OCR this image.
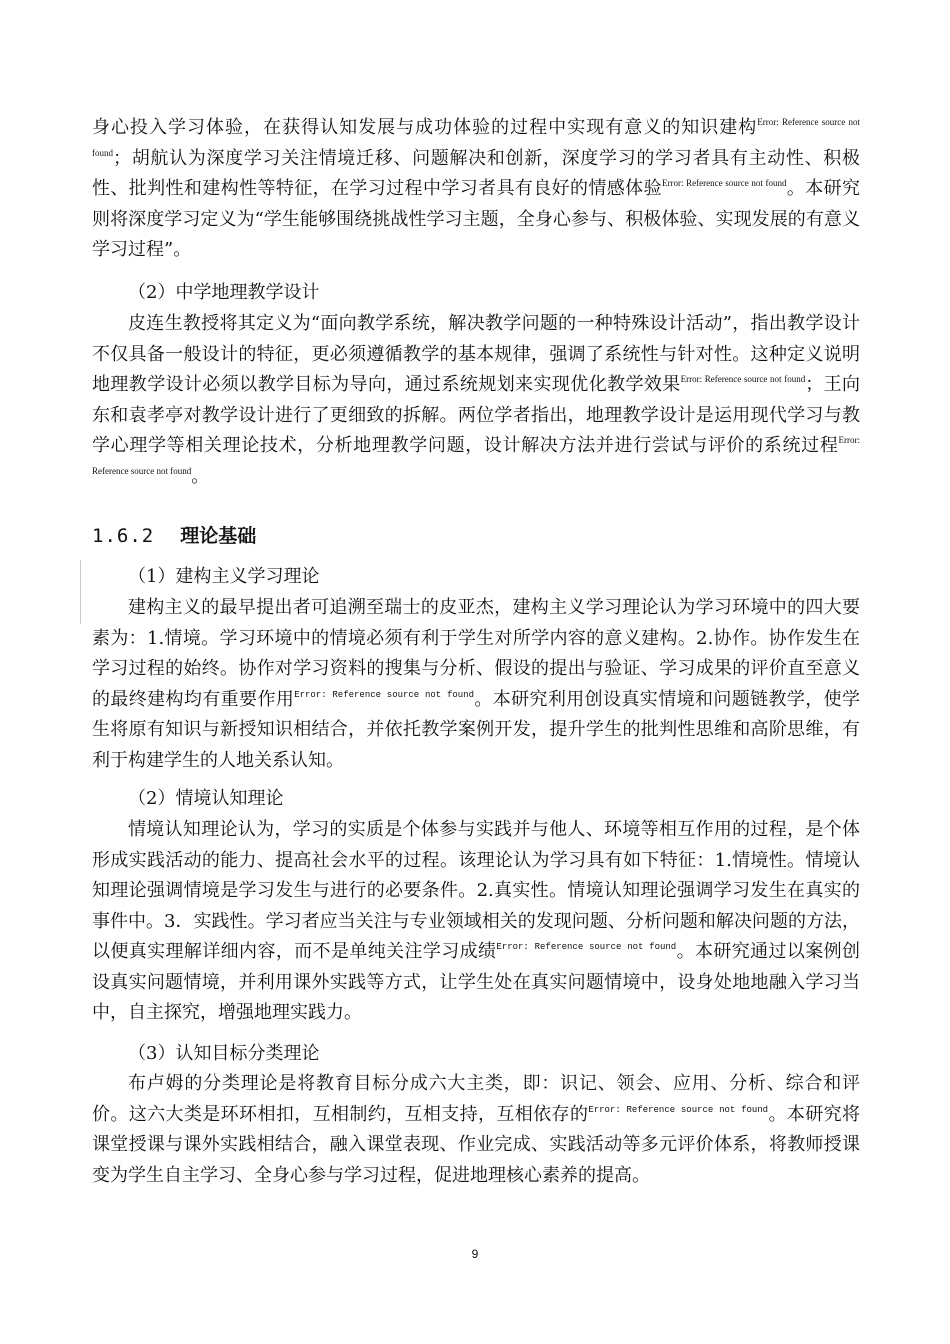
身心投入学习体验，在获得认知发展与成功体验的过程中实现有意义的知识建构$^{Error: Reference source not found}$；胡航认为深度学习关注情境迁移、问题解决和创新，深度学习的学习者具有主动性、积极性、批判性和建构性等特征，在学习过程中学习者具有良好的情感体验$^{Error: Reference source not found}$。本研究则将深度学习定义为“学生能够围绕挑战性学习主题，全身心参与、积极体验、实现发展的有意义学习过程”。

（2）中学地理教学设计

皮连生教授将其定义为“面向教学系统，解决教学问题的一种特殊设计活动”，指出教学设计不仅具备一般设计的特征，更必须遵循教学的基本规律，强调了系统性与针对性。这种定义说明地理教学设计必须以教学目标为导向，通过系统规划来实现优化教学效果$^{Error: Reference source not found}$；王向东和袁孝亭对教学设计进行了更细致的拆解。两位学者指出，地理教学设计是运用现代学习与教学心理学等相关理论技术，分析地理教学问题，设计解决方法并进行尝试与评价的系统过程$^{Error: Reference source not found}$。

1.6.2 理论基础

（1）建构主义学习理论

建构主义的最早提出者可追溯至瑞士的皮亚杰，建构主义学习理论认为学习环境中的四大要素为：1.情境。学习环境中的情境必须有利于学生对所学内容的意义建构。2.协作。协作发生在学习过程的始终。协作对学习资料的搜集与分析、假设的提出与验证、学习成果的评价直至意义的最终建构均有重要作用$^{Error: Reference source not found}$。本研究利用创设真实情境和问题链教学，使学生将原有知识与新授知识相结合，并依托教学案例开发，提升学生的批判性思维和高阶思维，有利于构建学生的人地关系认知。

（2）情境认知理论

情境认知理论认为，学习的实质是个体参与实践并与他人、环境等相互作用的过程，是个体形成实践活动的能力、提高社会水平的过程。该理论认为学习具有如下特征：1.情境性。情境认知理论强调情境是学习发生与进行的必要条件。2.真实性。情境认知理论强调学习发生在真实的事件中。3．实践性。学习者应当关注与专业领域相关的发现问题、分析问题和解决问题的方法，以便真实理解详细内容，而不是单纯关注学习成绩$^{Error: Reference source not found}$。本研究通过以案例创设真实问题情境，并利用课外实践等方式，让学生处在真实问题情境中，设身处地地融入学习当中，自主探究，增强地理实践力。

（3）认知目标分类理论

布卢姆的分类理论是将教育目标分成六大主类，即：识记、领会、应用、分析、综合和评价。这六大类是环环相扣，互相制约，互相支持，互相依存的$^{Error: Reference source not found}$。本研究将课堂授课与课外实践相结合，融入课堂表现、作业完成、实践活动等多元评价体系，将教师授课变为学生自主学习、全身心参与学习过程，促进地理核心素养的提高。

9
